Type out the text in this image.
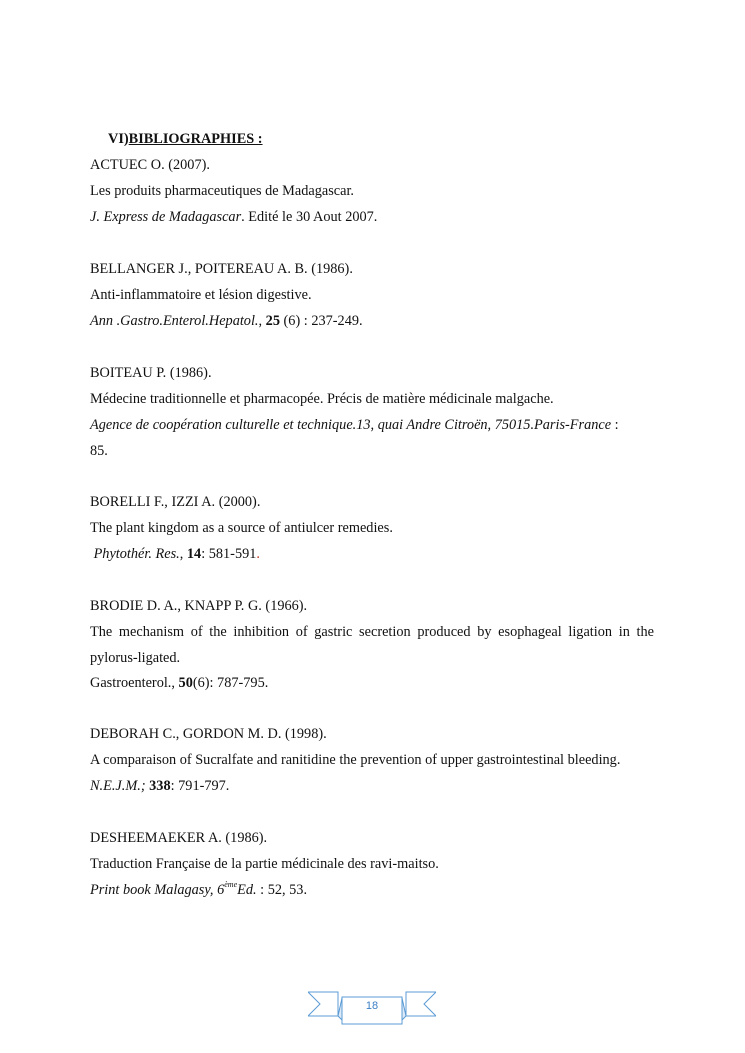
VI)BIBLIOGRAPHIES :
ACTUEC O. (2007).
Les produits pharmaceutiques de Madagascar.
J. Express de Madagascar. Edité le 30 Aout 2007.
BELLANGER J., POITEREAU A. B. (1986).
Anti-inflammatoire et lésion digestive.
Ann .Gastro.Enterol.Hepatol., 25 (6) : 237-249.
BOITEAU P. (1986).
Médecine traditionnelle et pharmacopée. Précis de matière médicinale malgache.
Agence de coopération culturelle et technique.13, quai Andre Citroën, 75015.Paris-France :
85.
BORELLI F., IZZI A. (2000).
The plant kingdom as a source of antiulcer remedies.
Phytothér. Res., 14: 581-591.
BRODIE D. A., KNAPP P. G. (1966).
The mechanism of the inhibition of gastric secretion produced by esophageal ligation in the
pylorus-ligated.
Gastroenterol., 50(6): 787-795.
DEBORAH C., GORDON M. D. (1998).
A comparaison of Sucralfate and ranitidine the prevention of upper gastrointestinal bleeding.
N.E.J.M.; 338: 791-797.
DESHEEMAEKER A. (1986).
Traduction Française de la partie médicinale des ravi-maitso.
Print book Malagasy, 6èmeEd. : 52, 53.
18
